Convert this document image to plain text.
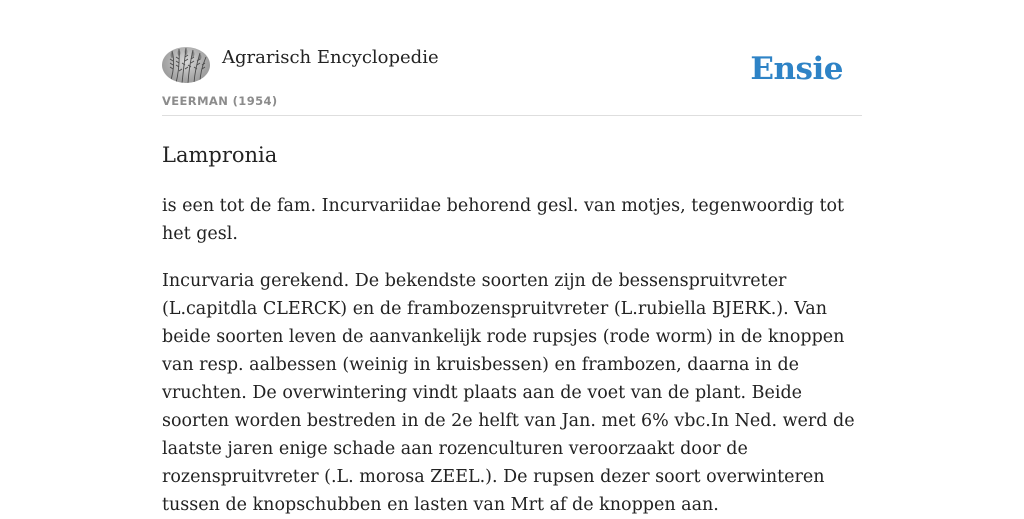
Agrarisch Encyclopedie
VEERMAN (1954)
Ensie
Lampronia

is een tot de fam. Incurvariidae behorend gesl. van motjes, tegenwoordig tot het gesl.

Incurvaria gerekend. De bekendste soorten zijn de bessenspruitvreter (L.capitdla CLERCK) en de frambozenspruitvreter (L.rubiella BJERK.). Van beide soorten leven de aanvankelijk rode rupsjes (rode worm) in de knoppen van resp. aalbessen (weinig in kruisbessen) en frambozen, daarna in de vruchten. De overwintering vindt plaats aan de voet van de plant. Beide soorten worden bestreden in de 2e helft van Jan. met 6% vbc.In Ned. werd de laatste jaren enige schade aan rozenculturen veroorzaakt door de rozenspruitvreter (.L. morosa ZEEL.). De rupsen dezer soort overwinteren tussen de knopschubben en lasten van Mrt af de knoppen aan.
